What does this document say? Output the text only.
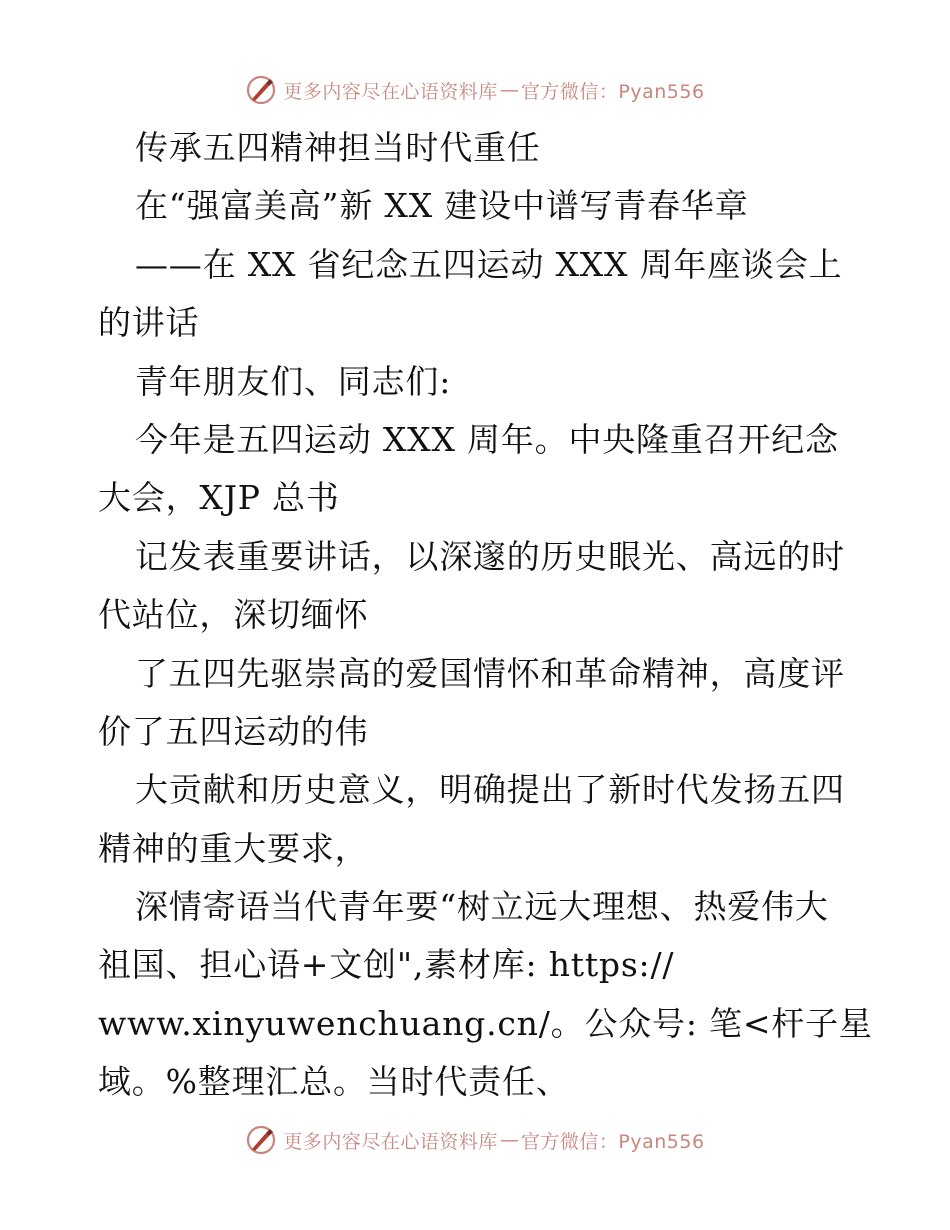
更多内容尽在心语资料库 — 官方微信：Pyan556
传承五四精神担当时代重任
在“强富美高”新 XX 建设中谱写青春华章
——在 XX 省纪念五四运动 XXX 周年座谈会上
的讲话
青年朋友们、同志们:
今年是五四运动 XXX 周年。中央隆重召开纪念
大会，XJP 总书
记发表重要讲话，以深邃的历史眼光、高远的时
代站位，深切缅怀
了五四先驱崇高的爱国情怀和革命精神，高度评
价了五四运动的伟
大贡献和历史意义，明确提出了新时代发扬五四
精神的重大要求，
深情寄语当代青年要“树立远大理想、热爱伟大
祖国、担心语+文创",素材库: https://
www.xinyuwenchuang.cn/。公众号: 笔<杆子星
域。%整理汇总。当时代责任、
更多内容尽在心语资料库 — 官方微信：Pyan556
